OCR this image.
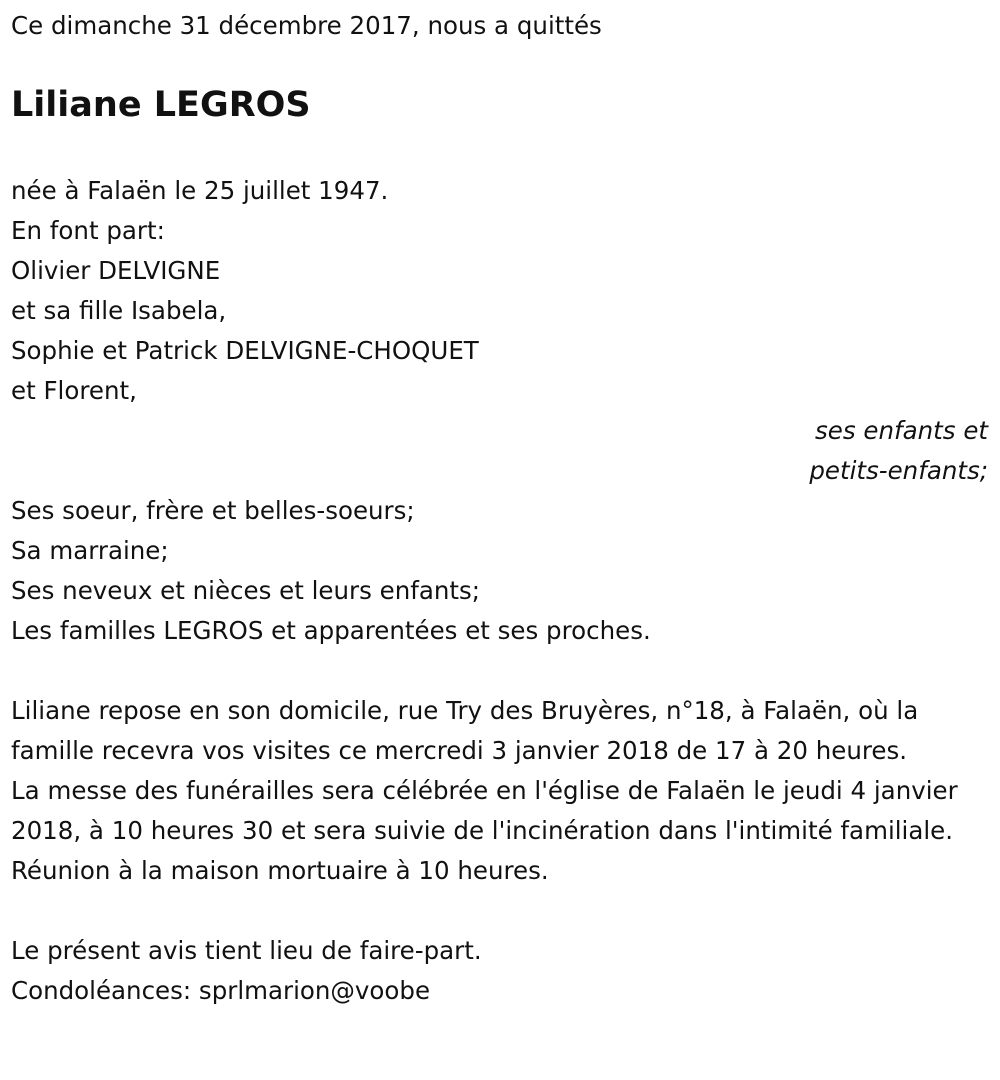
Ce dimanche 31 décembre 2017, nous a quittés
Liliane LEGROS
née à Falaën le 25 juillet 1947.
En font part:
Olivier DELVIGNE
et sa fille Isabela,
Sophie et Patrick DELVIGNE-CHOQUET
et Florent,
ses enfants et
petits-enfants;
Ses soeur, frère et belles-soeurs;
Sa marraine;
Ses neveux et nièces et leurs enfants;
Les familles LEGROS et apparentées et ses proches.
Liliane repose en son domicile, rue Try des Bruyères, n°18, à Falaën, où la famille recevra vos visites ce mercredi 3 janvier 2018 de 17 à 20 heures.
La messe des funérailles sera célébrée en l'église de Falaën le jeudi 4 janvier 2018, à 10 heures 30 et sera suivie de l'incinération dans l'intimité familiale.
Réunion à la maison mortuaire à 10 heures.
Le présent avis tient lieu de faire-part.
Condoléances: sprlmarion@voobe
